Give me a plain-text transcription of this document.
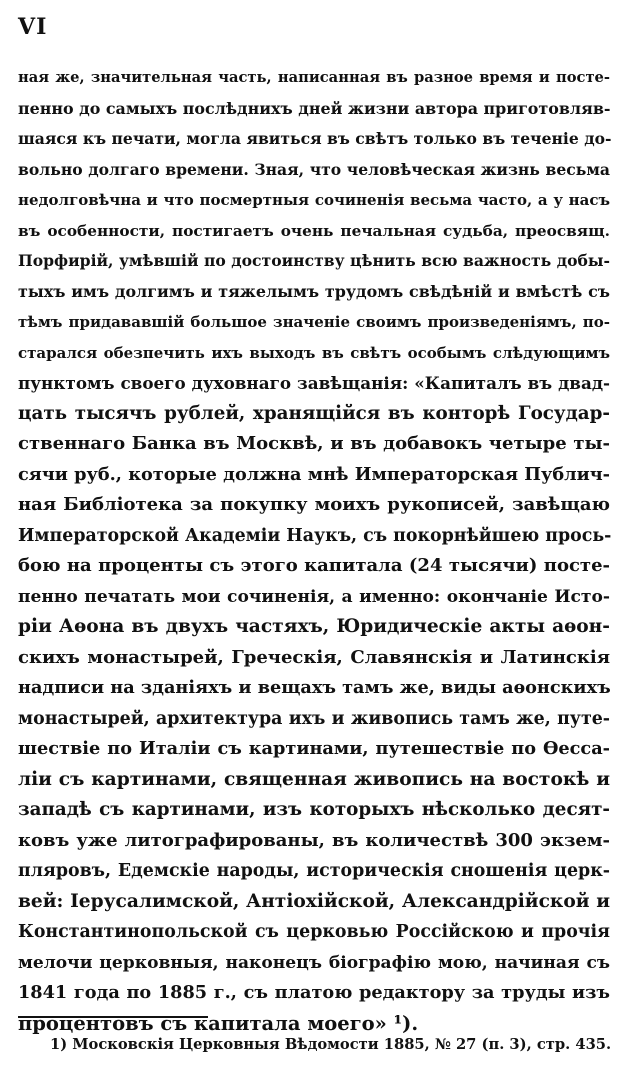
VI
ная же, значительная часть, написанная въ разное время и посте-
пенно до самыхъ послѣднихъ дней жизни автора приготовляв-
шаяся къ печати, могла явиться въ свѣтъ только въ теченіе до-
вольно долгаго времени. Зная, что человѣческая жизнь весьма
недолговѣчна и что посмертныя сочиненія весьма часто, а у насъ
въ особенности, постигаетъ очень печальная судьба, преосвящ.
Порфирій, умѣвшій по достоинству цѣнить всю важность добы-
тыхъ имъ долгимъ и тяжелымъ трудомъ свѣдѣній и вмѣстѣ съ
тѣмъ придававшій большое значеніе своимъ произведеніямъ, по-
старался обезпечить ихъ выходъ въ свѣтъ особымъ слѣдующимъ
пунктомъ своего духовнаго завѣщанія: «Капиталъ въ двад-
цать тысячъ рублей, хранящійся въ конторѣ Государ-
ственнаго Банка въ Москвѣ, и въ добавокъ четыре ты-
сячи руб., которые должна мнѣ Императорская Публич-
ная Библіотека за покупку моихъ рукописей, завѣщаю
Императорской Академіи Наукъ, съ покорнѣйшею прось-
бою на проценты съ этого капитала (24 тысячи) посте-
пенно печатать мои сочиненія, а именно: окончаніе Исто-
ріи Аѳона въ двухъ частяхъ, Юридическіе акты аѳон-
скихъ монастырей, Греческія, Славянскія и Латинскія
надписи на зданіяхъ и вещахъ тамъ же, виды аѳонскихъ
монастырей, архитектура ихъ и живопись тамъ же, путе-
шествіе по Италіи съ картинами, путешествіе по Ѳесса-
ліи съ картинами, священная живопись на востокѣ и
западѣ съ картинами, изъ которыхъ нѣсколько десят-
ковъ уже литографированы, въ количествѣ 300 экзем-
пляровъ, Едемскіе народы, историческія сношенія церк-
вей: Іерусалимской, Антіохійской, Александрійской и
Константинопольской съ церковью Россійскою и прочія
мелочи церковныя, наконецъ біографію мою, начиная съ
1841 года по 1885 г., съ платою редактору за труды изъ
процентовъ съ капитала моего» ¹).
1) Московскія Церковныя Вѣдомости 1885, № 27 (п. 3), стр. 435.
